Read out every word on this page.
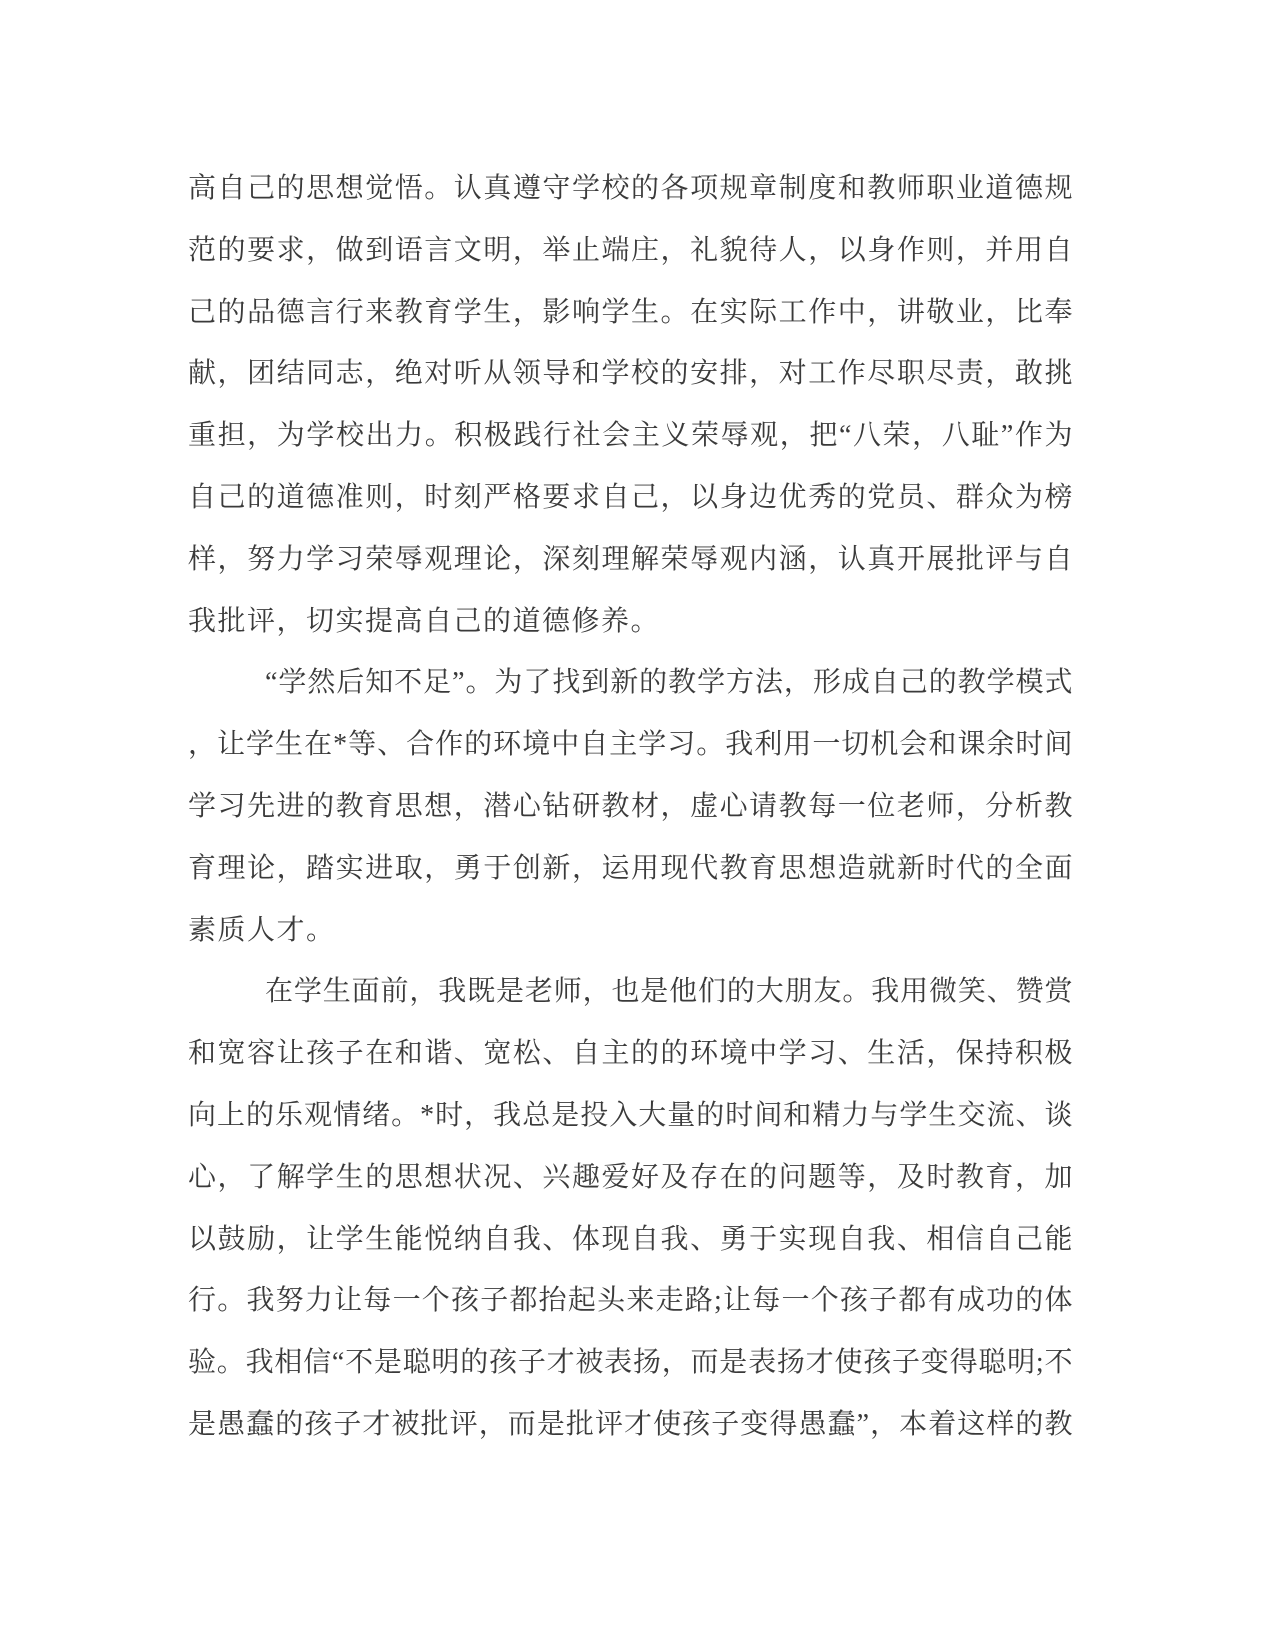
高自己的思想觉悟。认真遵守学校的各项规章制度和教师职业道德规
范的要求，做到语言文明，举止端庄，礼貌待人，以身作则，并用自
己的品德言行来教育学生，影响学生。在实际工作中，讲敬业，比奉
献，团结同志，绝对听从领导和学校的安排，对工作尽职尽责，敢挑
重担，为学校出力。积极践行社会主义荣辱观，把“八荣，八耻”作为
自己的道德准则，时刻严格要求自己，以身边优秀的党员、群众为榜
样，努力学习荣辱观理论，深刻理解荣辱观内涵，认真开展批评与自
我批评，切实提高自己的道德修养。
“学然后知不足”。为了找到新的教学方法，形成自己的教学模式
，让学生在*等、合作的环境中自主学习。我利用一切机会和课余时间
学习先进的教育思想，潜心钻研教材，虚心请教每一位老师，分析教
育理论，踏实进取，勇于创新，运用现代教育思想造就新时代的全面
素质人才。
在学生面前，我既是老师，也是他们的大朋友。我用微笑、赞赏
和宽容让孩子在和谐、宽松、自主的的环境中学习、生活，保持积极
向上的乐观情绪。*时，我总是投入大量的时间和精力与学生交流、谈
心，了解学生的思想状况、兴趣爱好及存在的问题等，及时教育，加
以鼓励，让学生能悦纳自我、体现自我、勇于实现自我、相信自己能
行。我努力让每一个孩子都抬起头来走路;让每一个孩子都有成功的体
验。我相信“不是聪明的孩子才被表扬，而是表扬才使孩子变得聪明;不
是愚蠢的孩子才被批评，而是批评才使孩子变得愚蠢”，本着这样的教
